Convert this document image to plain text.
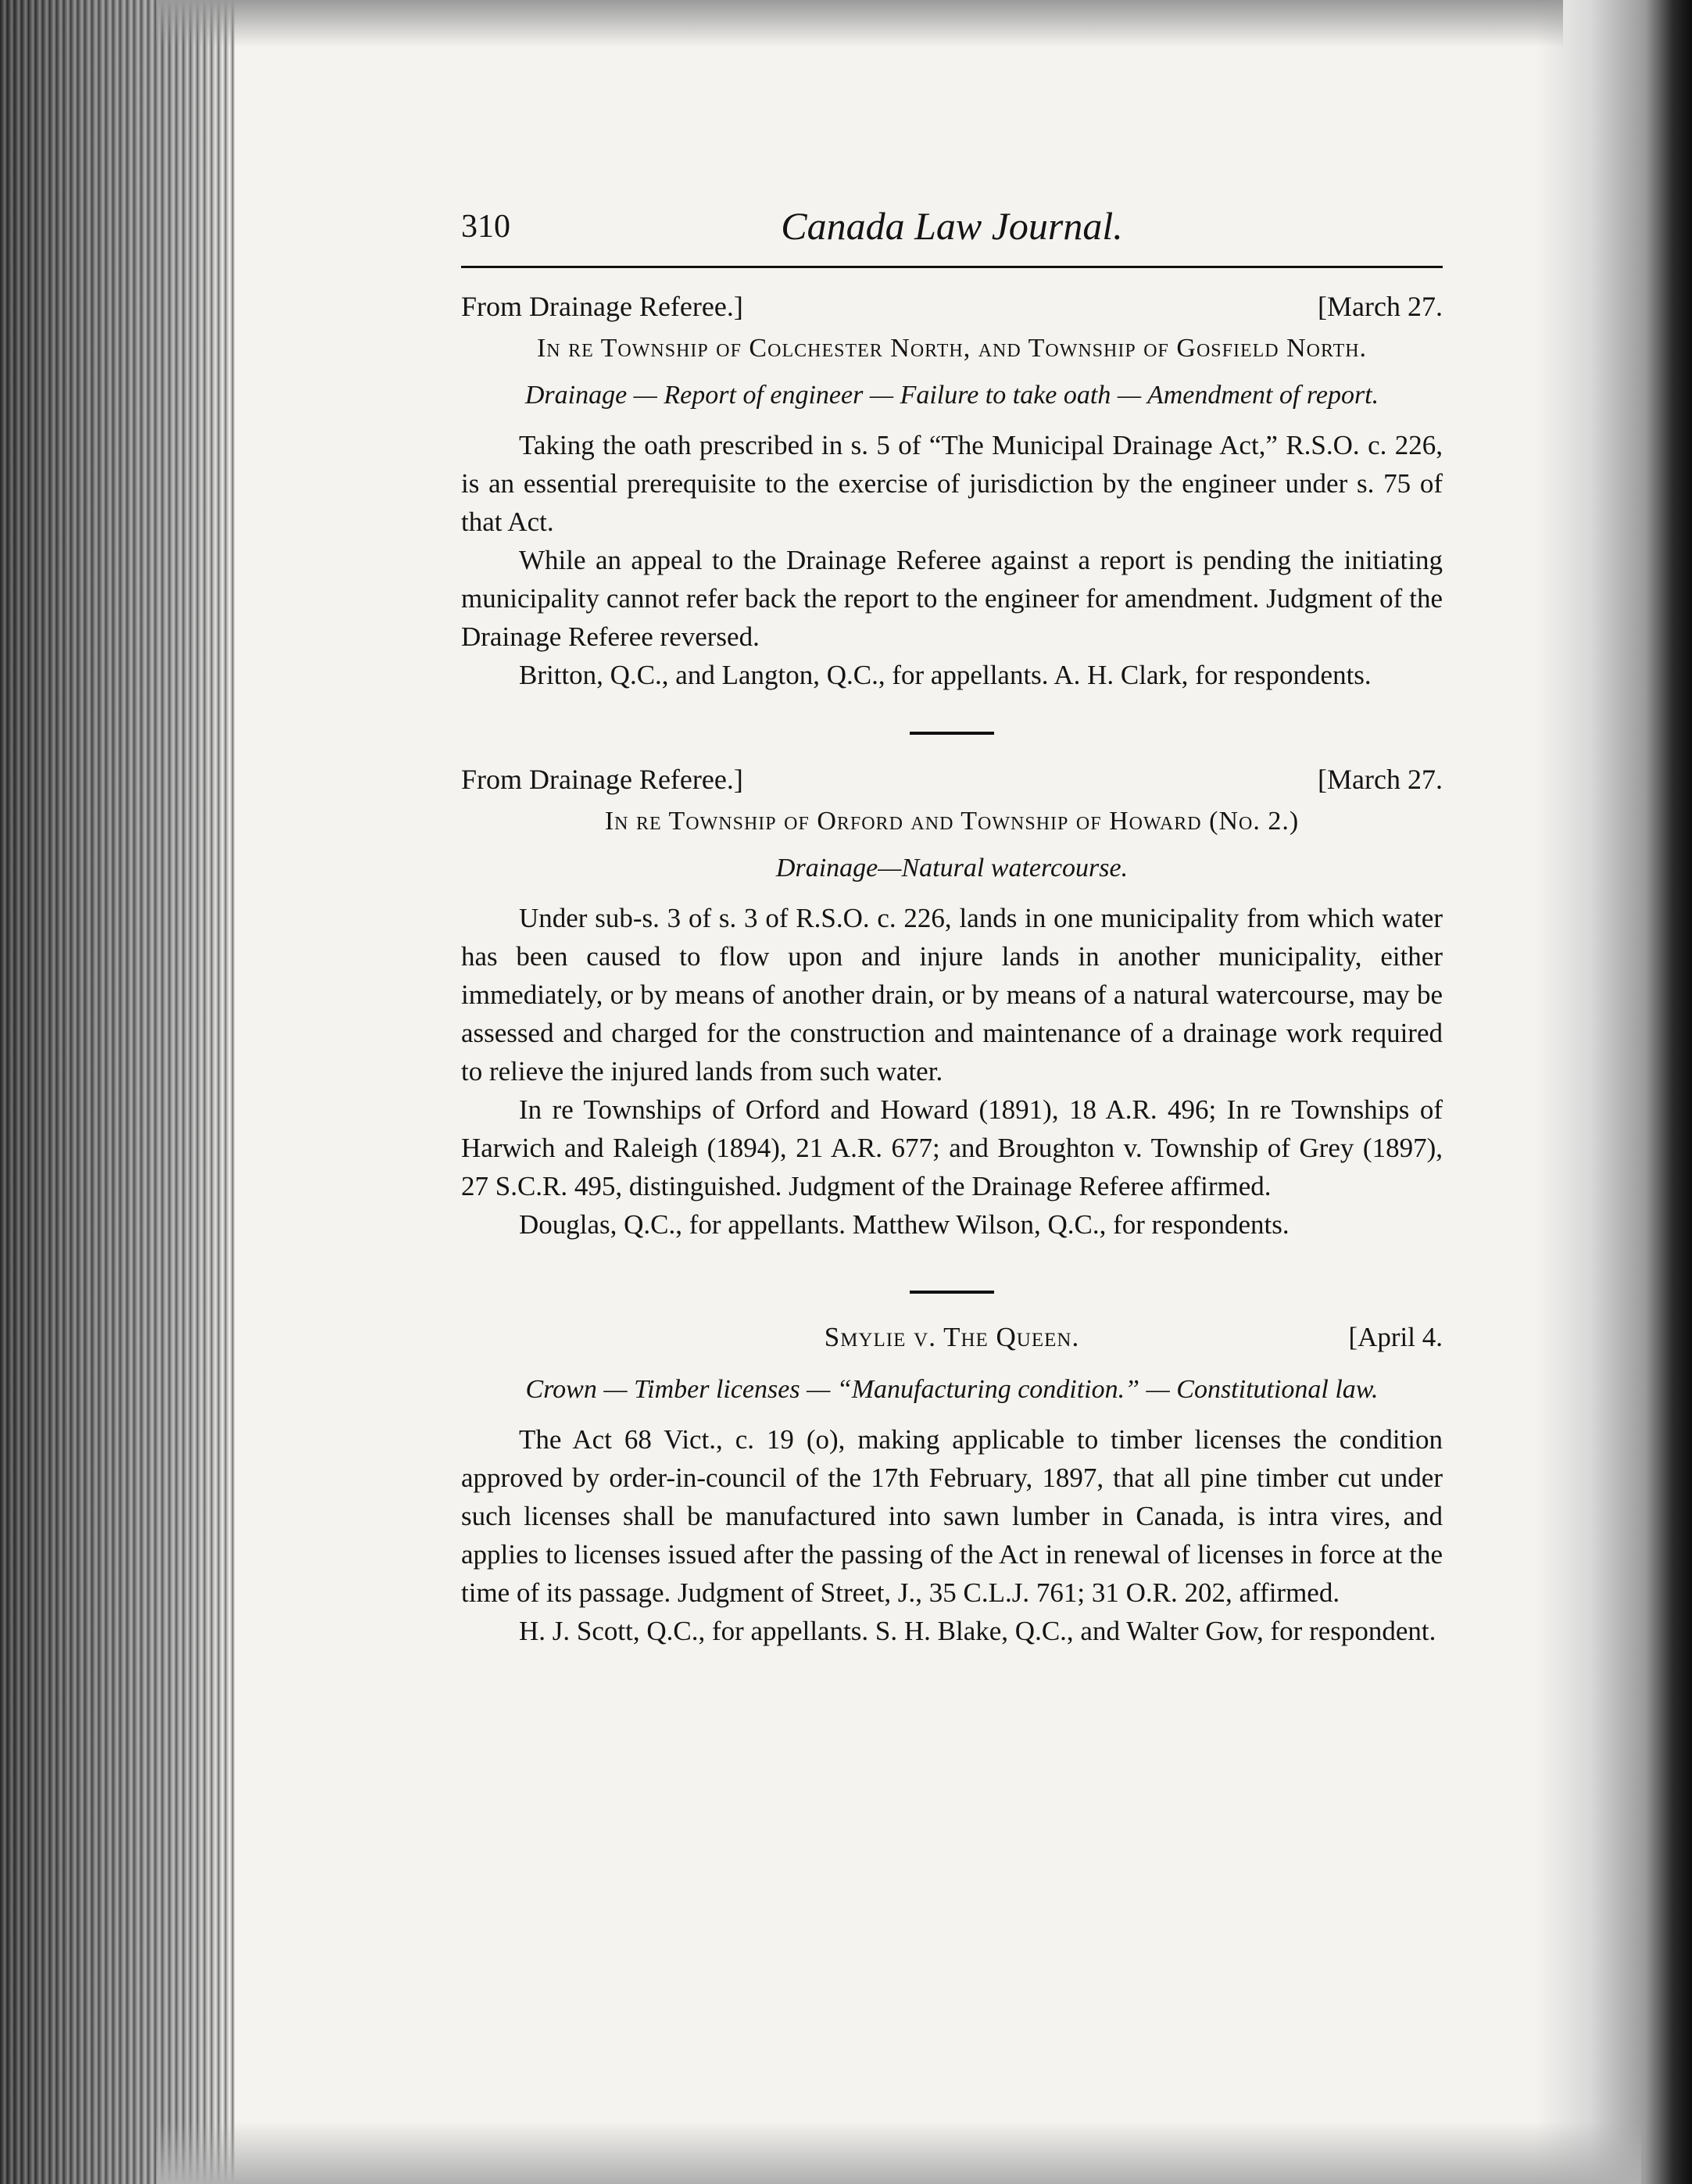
310	Canada Law Journal.
From Drainage Referee.]	[March 27.
In re Township of Colchester North, and Township of Gosfield North.
Drainage — Report of engineer — Failure to take oath — Amendment of report.

Taking the oath prescribed in s. 5 of “The Municipal Drainage Act,” R.S.O. c. 226, is an essential prerequisite to the exercise of jurisdiction by the engineer under s. 75 of that Act.

While an appeal to the Drainage Referee against a report is pending the initiating municipality cannot refer back the report to the engineer for amendment. Judgment of the Drainage Referee reversed.

Britton, Q.C., and Langton, Q.C., for appellants. A. H. Clark, for respondents.

From Drainage Referee.]	[March 27.
In re Township of Orford and Township of Howard (No. 2.)
Drainage—Natural watercourse.

Under sub-s. 3 of s. 3 of R.S.O. c. 226, lands in one municipality from which water has been caused to flow upon and injure lands in another municipality, either immediately, or by means of another drain, or by means of a natural watercourse, may be assessed and charged for the construction and maintenance of a drainage work required to relieve the injured lands from such water.

In re Townships of Orford and Howard (1891), 18 A.R. 496; In re Townships of Harwich and Raleigh (1894), 21 A.R. 677; and Broughton v. Township of Grey (1897), 27 S.C.R. 495, distinguished. Judgment of the Drainage Referee affirmed.

Douglas, Q.C., for appellants. Matthew Wilson, Q.C., for respondents.

Smylie v. The Queen.	[April 4.
Crown — Timber licenses — “Manufacturing condition.” — Constitutional law.

The Act 68 Vict., c. 19 (o), making applicable to timber licenses the condition approved by order-in-council of the 17th February, 1897, that all pine timber cut under such licenses shall be manufactured into sawn lumber in Canada, is intra vires, and applies to licenses issued after the passing of the Act in renewal of licenses in force at the time of its passage. Judgment of Street, J., 35 C.L.J. 761; 31 O.R. 202, affirmed.

H. J. Scott, Q.C., for appellants. S. H. Blake, Q.C., and Walter Gow, for respondent.
